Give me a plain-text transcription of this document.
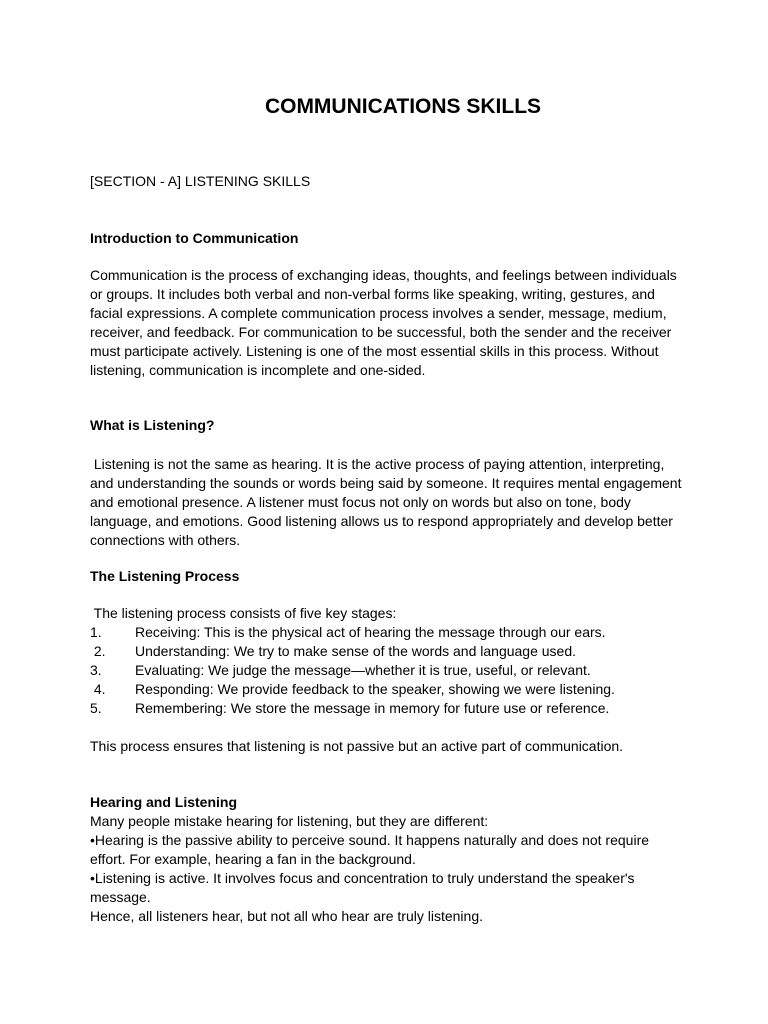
COMMUNICATIONS SKILLS

[SECTION - A] LISTENING SKILLS

Introduction to Communication

Communication is the process of exchanging ideas, thoughts, and feelings between individuals or groups. It includes both verbal and non-verbal forms like speaking, writing, gestures, and facial expressions. A complete communication process involves a sender, message, medium, receiver, and feedback. For communication to be successful, both the sender and the receiver must participate actively. Listening is one of the most essential skills in this process. Without listening, communication is incomplete and one-sided.

What is Listening?

Listening is not the same as hearing. It is the active process of paying attention, interpreting, and understanding the sounds or words being said by someone. It requires mental engagement and emotional presence. A listener must focus not only on words but also on tone, body language, and emotions. Good listening allows us to respond appropriately and develop better connections with others.

The Listening Process

The listening process consists of five key stages:

1. Receiving: This is the physical act of hearing the message through our ears.
2. Understanding: We try to make sense of the words and language used.
3. Evaluating: We judge the message—whether it is true, useful, or relevant.
4. Responding: We provide feedback to the speaker, showing we were listening.
5. Remembering: We store the message in memory for future use or reference.

This process ensures that listening is not passive but an active part of communication.

Hearing and Listening

Many people mistake hearing for listening, but they are different:
•Hearing is the passive ability to perceive sound. It happens naturally and does not require
effort. For example, hearing a fan in the background.
•Listening is active. It involves focus and concentration to truly understand the speaker's
message.
Hence, all listeners hear, but not all who hear are truly listening.
